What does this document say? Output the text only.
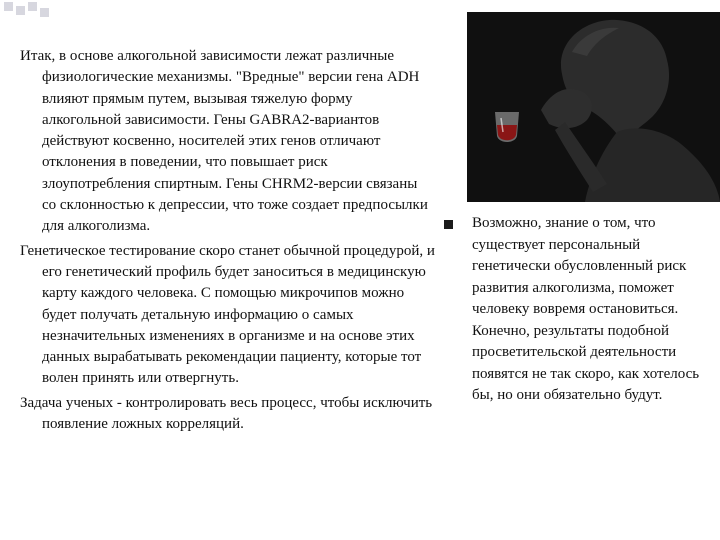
Итак, в основе алкогольной зависимости лежат различные физиологические механизмы. "Вредные" версии гена ADH влияют прямым путем, вызывая тяжелую форму алкогольной зависимости. Гены GABRA2-вариантов действуют косвенно, носителей этих генов отличают отклонения в поведении, что повышает риск злоупотребления спиртным. Гены CHRM2-версии связаны со склонностью к депрессии, что тоже создает предпосылки для алкоголизма.

Генетическое тестирование скоро станет обычной процедурой, и его генетический профиль будет заноситься в медицинскую карту каждого человека. С помощью микрочипов можно будет получать детальную информацию о самых незначительных изменениях в организме и на основе этих данных вырабатывать рекомендации пациенту, которые тот волен принять или отвергнуть.

Задача ученых - контролировать весь процесс, чтобы исключить появление ложных корреляций.

Возможно, знание о том, что существует персональный генетически обусловленный риск развития алкоголизма, поможет человеку вовремя остановиться. Конечно, результаты подобной просветительской деятельности появятся не так скоро, как хотелось бы, но они обязательно будут.
